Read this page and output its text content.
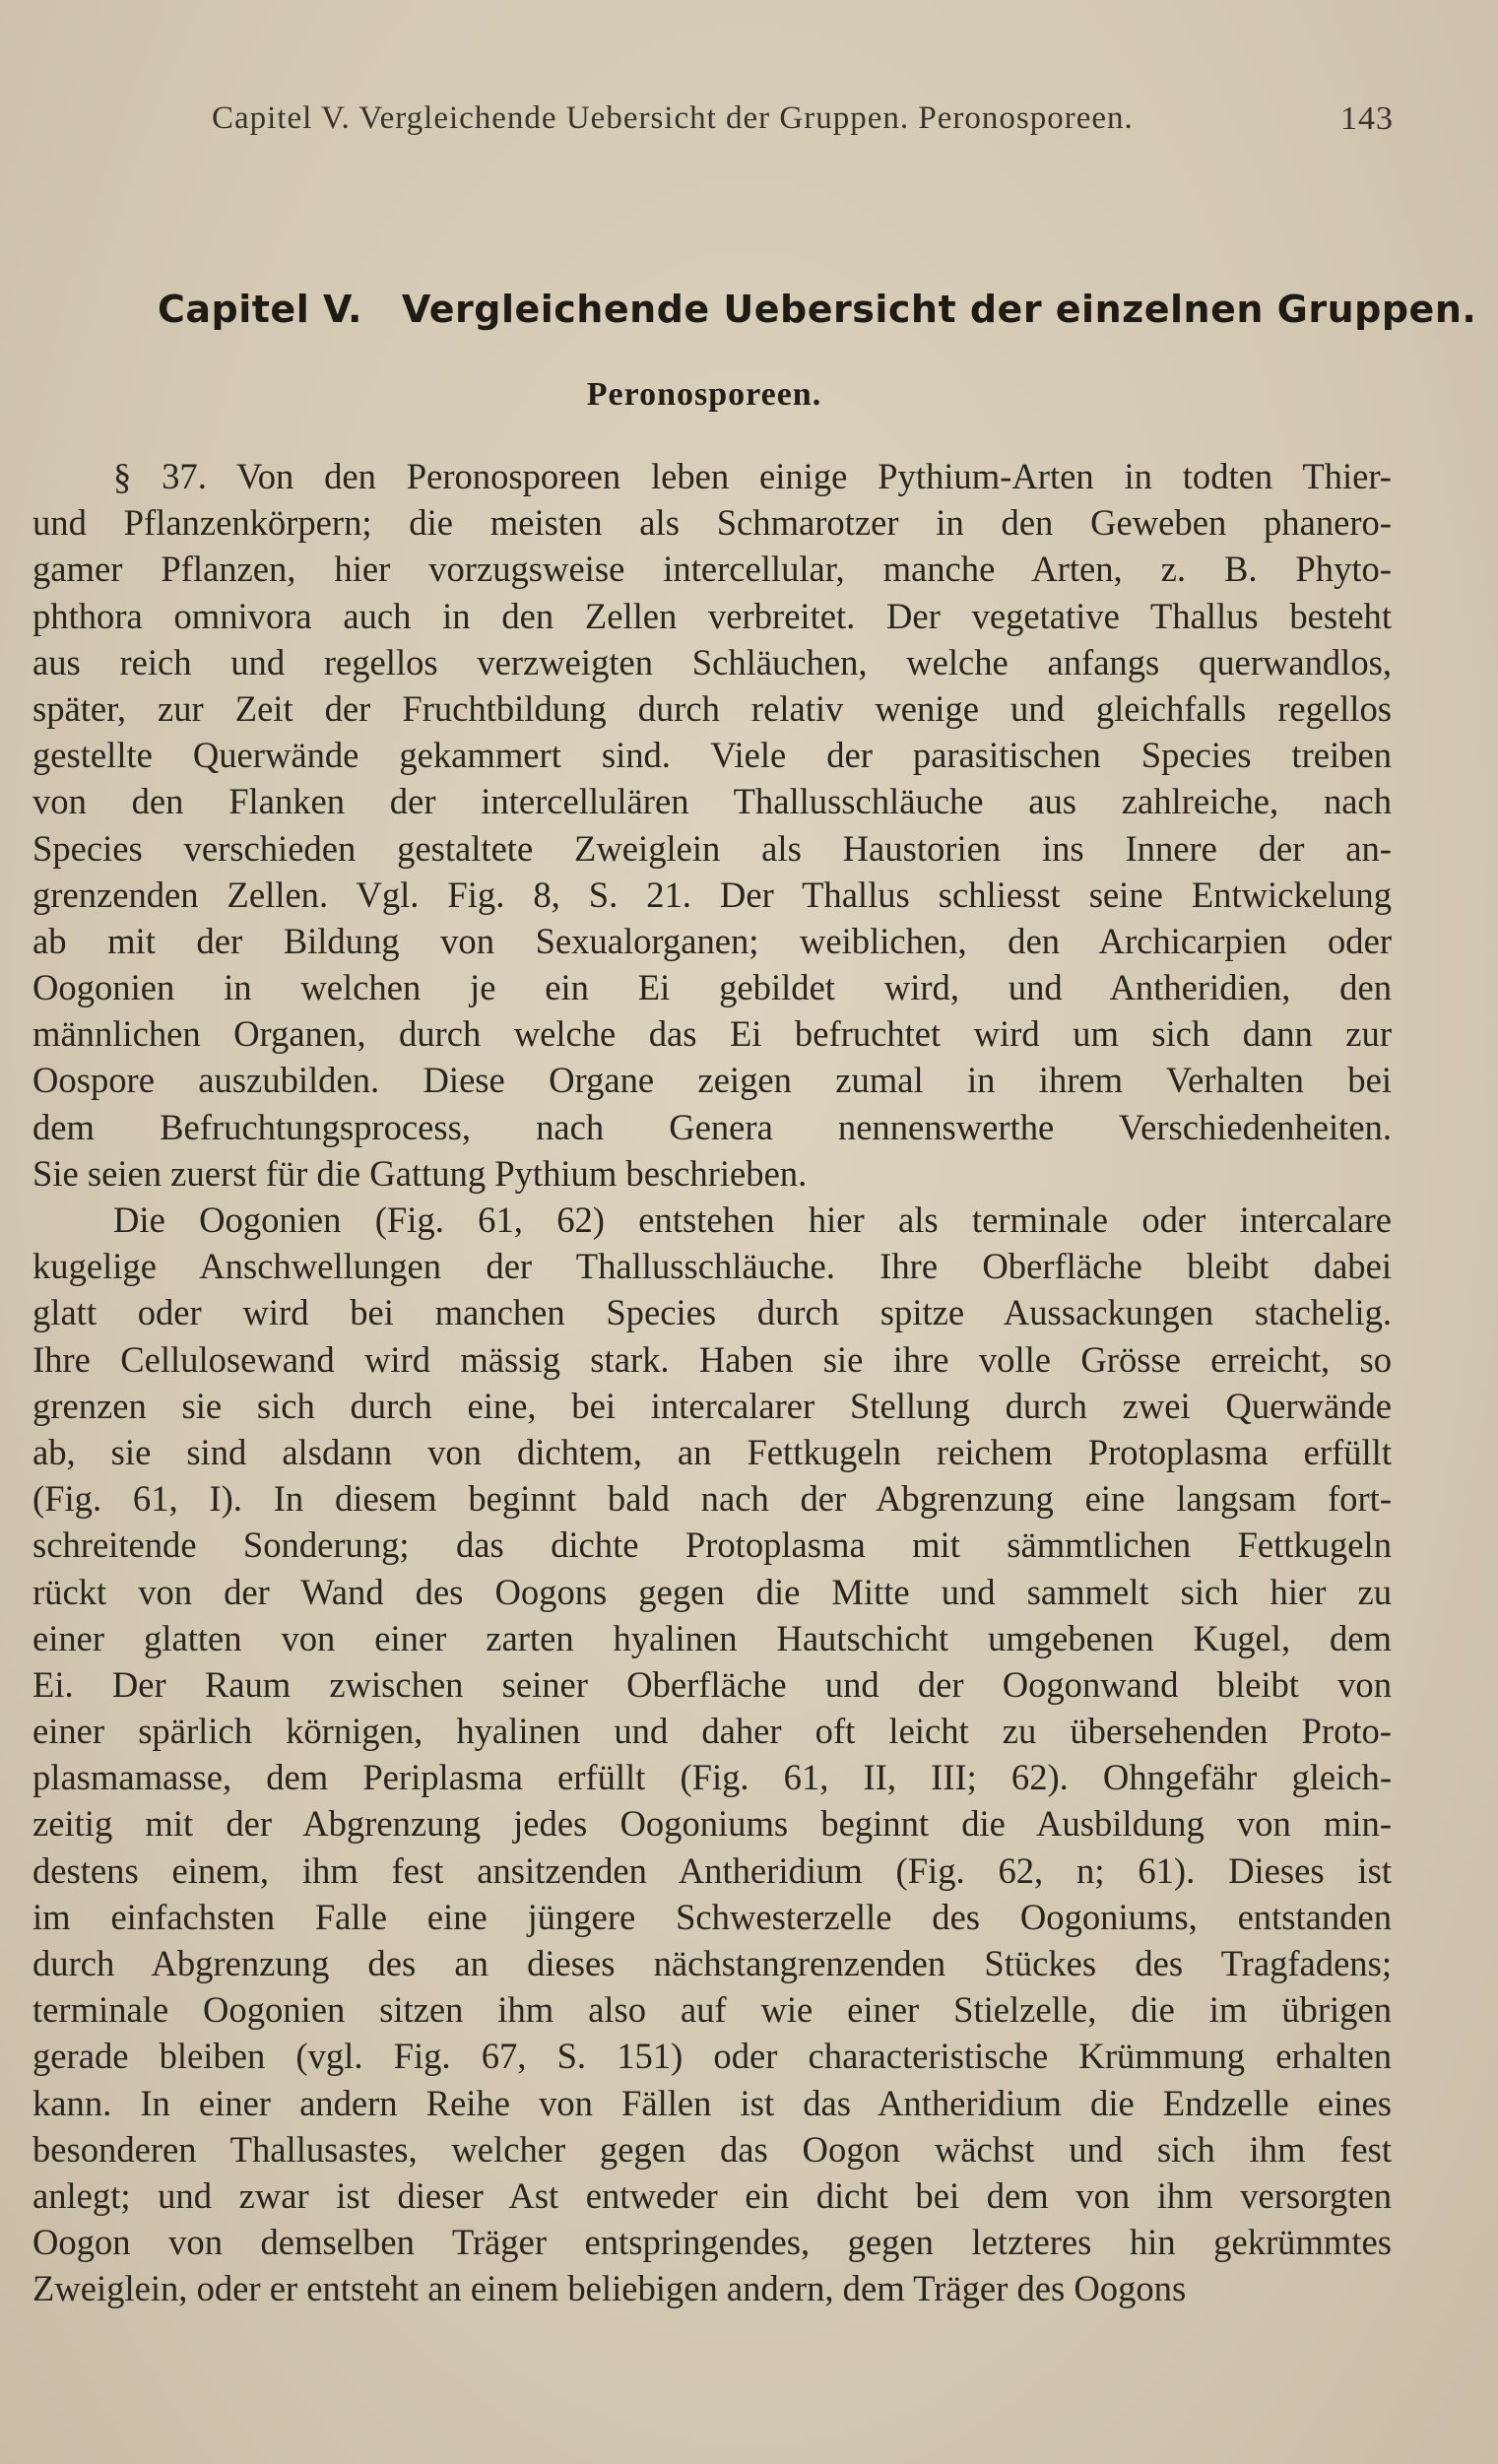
Capitel V. Vergleichende Uebersicht der Gruppen. Peronosporeen.	143
Capitel V. Vergleichende Uebersicht der einzelnen Gruppen.
Peronosporeen.
§ 37. Von den Peronosporeen leben einige Pythium-Arten in todten Thier-
und Pflanzenkörpern; die meisten als Schmarotzer in den Geweben phanero-
gamer Pflanzen, hier vorzugsweise intercellular, manche Arten, z. B. Phyto-
phthora omnivora auch in den Zellen verbreitet. Der vegetative Thallus besteht
aus reich und regellos verzweigten Schläuchen, welche anfangs querwandlos,
später, zur Zeit der Fruchtbildung durch relativ wenige und gleichfalls regellos
gestellte Querwände gekammert sind. Viele der parasitischen Species treiben
von den Flanken der intercellulären Thallusschläuche aus zahlreiche, nach
Species verschieden gestaltete Zweiglein als Haustorien ins Innere der an-
grenzenden Zellen. Vgl. Fig. 8, S. 21. Der Thallus schliesst seine Entwickelung
ab mit der Bildung von Sexualorganen; weiblichen, den Archicarpien oder
Oogonien in welchen je ein Ei gebildet wird, und Antheridien, den
männlichen Organen, durch welche das Ei befruchtet wird um sich dann zur
Oospore auszubilden. Diese Organe zeigen zumal in ihrem Verhalten bei
dem Befruchtungsprocess, nach Genera nennenswerthe Verschiedenheiten.
Sie seien zuerst für die Gattung Pythium beschrieben.
Die Oogonien (Fig. 61, 62) entstehen hier als terminale oder intercalare
kugelige Anschwellungen der Thallusschläuche. Ihre Oberfläche bleibt dabei
glatt oder wird bei manchen Species durch spitze Aussackungen stachelig.
Ihre Cellulosewand wird mässig stark. Haben sie ihre volle Grösse erreicht, so
grenzen sie sich durch eine, bei intercalarer Stellung durch zwei Querwände
ab, sie sind alsdann von dichtem, an Fettkugeln reichem Protoplasma erfüllt
(Fig. 61, I). In diesem beginnt bald nach der Abgrenzung eine langsam fort-
schreitende Sonderung; das dichte Protoplasma mit sämmtlichen Fettkugeln
rückt von der Wand des Oogons gegen die Mitte und sammelt sich hier zu
einer glatten von einer zarten hyalinen Hautschicht umgebenen Kugel, dem
Ei. Der Raum zwischen seiner Oberfläche und der Oogonwand bleibt von
einer spärlich körnigen, hyalinen und daher oft leicht zu übersehenden Proto-
plasmamasse, dem Periplasma erfüllt (Fig. 61, II, III; 62). Ohngefähr gleich-
zeitig mit der Abgrenzung jedes Oogoniums beginnt die Ausbildung von min-
destens einem, ihm fest ansitzenden Antheridium (Fig. 62, n; 61). Dieses ist
im einfachsten Falle eine jüngere Schwesterzelle des Oogoniums, entstanden
durch Abgrenzung des an dieses nächstangrenzenden Stückes des Tragfadens;
terminale Oogonien sitzen ihm also auf wie einer Stielzelle, die im übrigen
gerade bleiben (vgl. Fig. 67, S. 151) oder characteristische Krümmung erhalten
kann. In einer andern Reihe von Fällen ist das Antheridium die Endzelle eines
besonderen Thallusastes, welcher gegen das Oogon wächst und sich ihm fest
anlegt; und zwar ist dieser Ast entweder ein dicht bei dem von ihm versorgten
Oogon von demselben Träger entspringendes, gegen letzteres hin gekrümmtes
Zweiglein, oder er entsteht an einem beliebigen andern, dem Träger des Oogons
